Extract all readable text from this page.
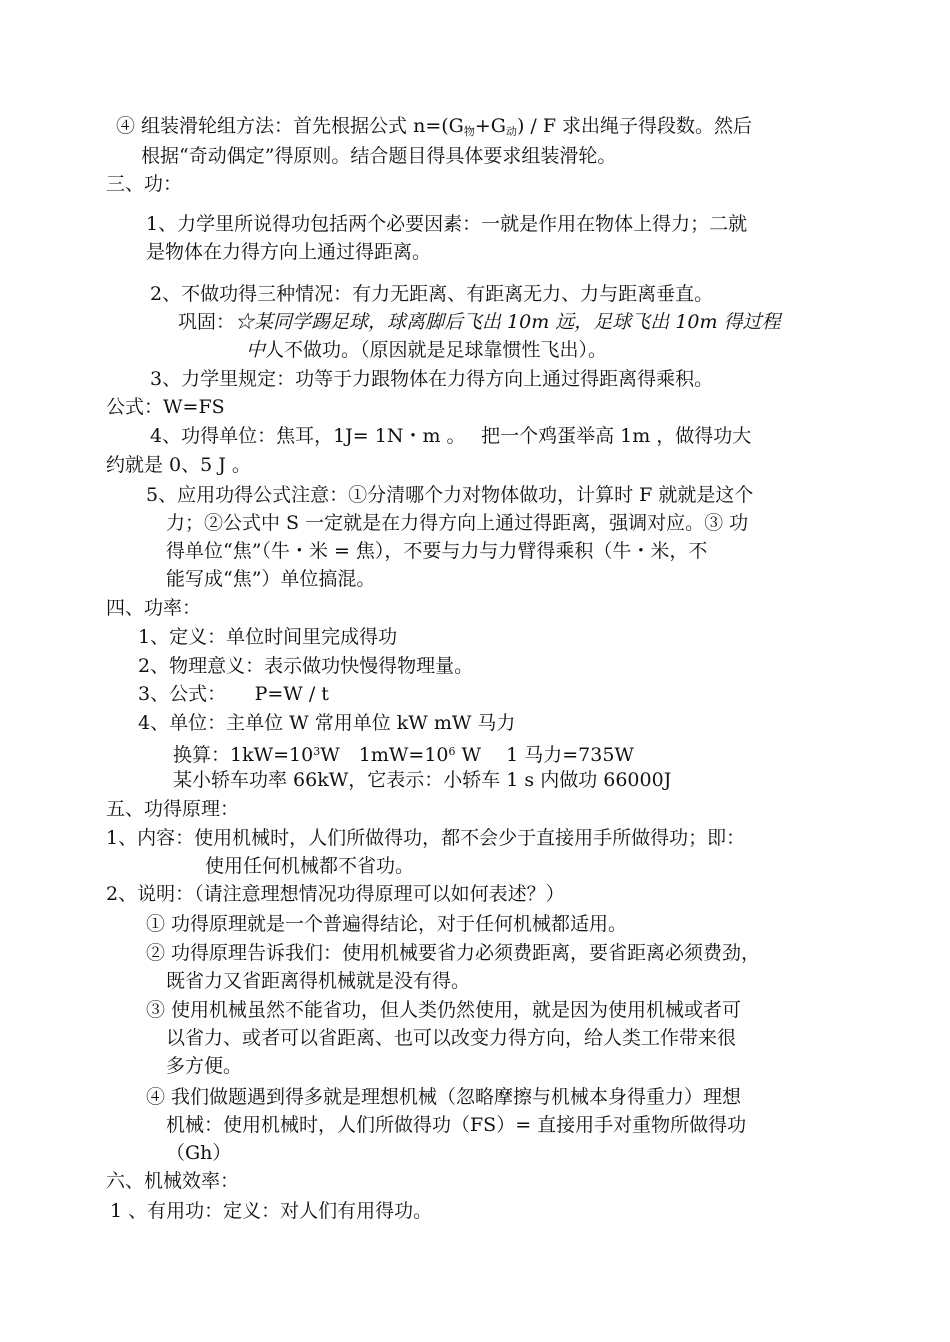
④ 组装滑轮组方法：首先根据公式 $n=(G_物+G_动) / F$ 求出绳子得段数。然后
根据“奇动偶定”得原则。结合题目得具体要求组装滑轮。
三、功：
1、力学里所说得功包括两个必要因素：一就是作用在物体上得力；二就
是物体在力得方向上通过得距离。
2、不做功得三种情况：有力无距离、有距离无力、力与距离垂直。
巩固：☆某同学踢足球，球离脚后飞出 10m 远，足球飞出 10m 得过程
中人不做功。（原因就是足球靠惯性飞出）。
3、力学里规定：功等于力跟物体在力得方向上通过得距离得乘积。
公式：W=FS
4、功得单位：焦耳，1J= 1N・m 。　 把一个鸡蛋举高 1m ，做得功大
约就是 0、5 J 。
5、应用功得公式注意：①分清哪个力对物体做功，计算时 F 就就是这个
力；②公式中 S 一定就是在力得方向上通过得距离，强调对应。③ 功
得单位“焦”（牛・米 = 焦），不要与力与力臂得乘积（牛・米，不
能写成“焦”）单位搞混。
四、功率：
1、定义：单位时间里完成得功
2、物理意义：表示做功快慢得物理量。
3、公式：　　P=W / t
4、单位：主单位 W 常用单位 kW mW 马力
换算：$1kW=10^3W$　$1mW=10^6$ W　 1 马力=735W
某小轿车功率 66kW，它表示：小轿车 1 s 内做功 66000J
五、功得原理：
1、内容：使用机械时，人们所做得功，都不会少于直接用手所做得功；即：
使用任何机械都不省功。
2、说明：（请注意理想情况功得原理可以如何表述？）
① 功得原理就是一个普遍得结论，对于任何机械都适用。
② 功得原理告诉我们：使用机械要省力必须费距离，要省距离必须费劲，
既省力又省距离得机械就是没有得。
③ 使用机械虽然不能省功，但人类仍然使用，就是因为使用机械或者可
以省力、或者可以省距离、也可以改变力得方向，给人类工作带来很
多方便。
④ 我们做题遇到得多就是理想机械（忽略摩擦与机械本身得重力）理想
机械：使用机械时，人们所做得功（FS）= 直接用手对重物所做得功
（Gh）
六、机械效率：
1 、有用功：定义：对人们有用得功。
